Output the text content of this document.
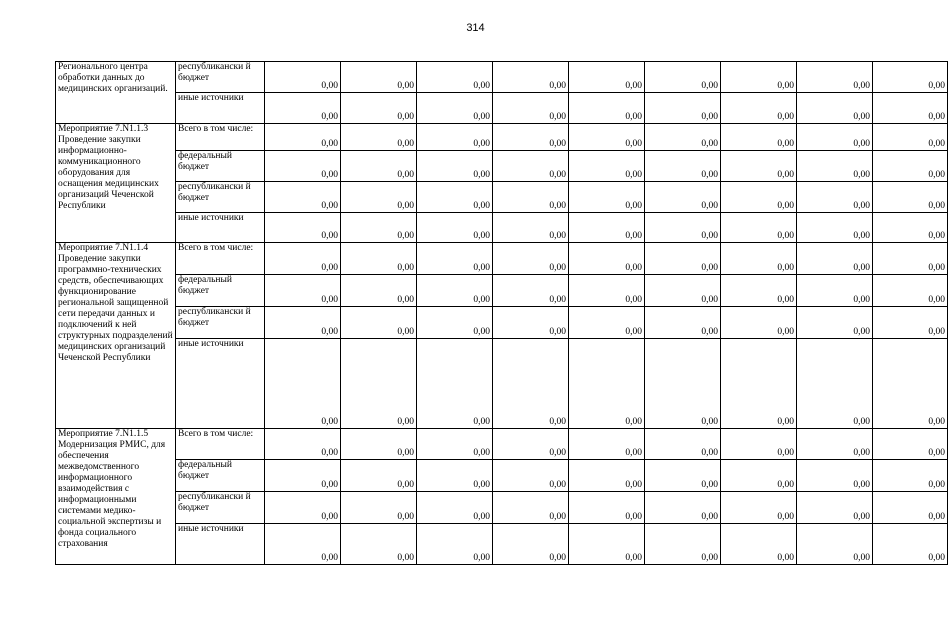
314
Регионального центра обработки данных до медицинских организаций.	республикански й бюджет	0,00	0,00	0,00	0,00	0,00	0,00	0,00	0,00	0,00
	иные источники	0,00	0,00	0,00	0,00	0,00	0,00	0,00	0,00	0,00
Мероприятие 7.N1.1.3 Проведение закупки информационно-коммуникационного оборудования для оснащения медицинских организаций Чеченской Республики	Всего в том числе:	0,00	0,00	0,00	0,00	0,00	0,00	0,00	0,00	0,00
	федеральный бюджет	0,00	0,00	0,00	0,00	0,00	0,00	0,00	0,00	0,00
	республикански й бюджет	0,00	0,00	0,00	0,00	0,00	0,00	0,00	0,00	0,00
	иные источники	0,00	0,00	0,00	0,00	0,00	0,00	0,00	0,00	0,00
Мероприятие 7.N1.1.4 Проведение закупки программно-технических средств, обеспечивающих функционирование региональной защищенной сети передачи данных и подключений к ней структурных подразделений медицинских организаций Чеченской Республики	Всего в том числе:	0,00	0,00	0,00	0,00	0,00	0,00	0,00	0,00	0,00
	федеральный бюджет	0,00	0,00	0,00	0,00	0,00	0,00	0,00	0,00	0,00
	республикански й бюджет	0,00	0,00	0,00	0,00	0,00	0,00	0,00	0,00	0,00
	иные источники	0,00	0,00	0,00	0,00	0,00	0,00	0,00	0,00	0,00
Мероприятие 7.N1.1.5 Модернизация РМИС, для обеспечения межведомственного информационного взаимодействия с информационными системами медико-социальной экспертизы и фонда социального страхования	Всего в том числе:	0,00	0,00	0,00	0,00	0,00	0,00	0,00	0,00	0,00
	федеральный бюджет	0,00	0,00	0,00	0,00	0,00	0,00	0,00	0,00	0,00
	республикански й бюджет	0,00	0,00	0,00	0,00	0,00	0,00	0,00	0,00	0,00
	иные источники	0,00	0,00	0,00	0,00	0,00	0,00	0,00	0,00	0,00
